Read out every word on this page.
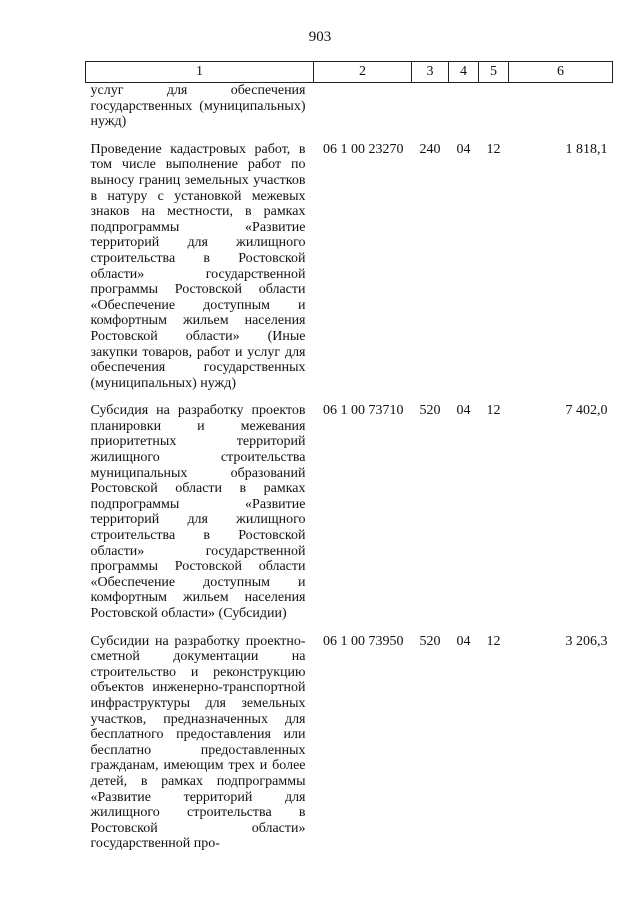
903
1	2	3	4	5	6
услуг для обеспечения государственных (муниципальных) нужд)					
Проведение кадастровых работ, в том числе выполнение работ по выносу границ земельных участков в натуру с установкой межевых знаков на местности, в рамках подпрограммы «Развитие территорий для жилищного строительства в Ростовской области» государственной программы Ростовской области «Обеспечение доступным и комфортным жильем населения Ростовской области» (Иные закупки товаров, работ и услуг для обеспечения государственных (муниципальных) нужд)	06 1 00 23270	240	04	12	1 818,1
Субсидия на разработку проектов планировки и межевания приоритетных территорий жилищного строительства муниципальных образований Ростовской области в рамках подпрограммы «Развитие территорий для жилищного строительства в Ростовской области» государственной программы Ростовской области «Обеспечение доступным и комфортным жильем населения Ростовской области» (Субсидии)	06 1 00 73710	520	04	12	7 402,0
Субсидии на разработку проектно-сметной документации на строительство и реконструкцию объектов инженерно-транспортной инфраструктуры для земельных участков, предназначенных для бесплатного предоставления или бесплатно предоставленных гражданам, имеющим трех и более детей, в рамках подпрограммы «Развитие территорий для жилищного строительства в Ростовской области» государственной про-	06 1 00 73950	520	04	12	3 206,3
